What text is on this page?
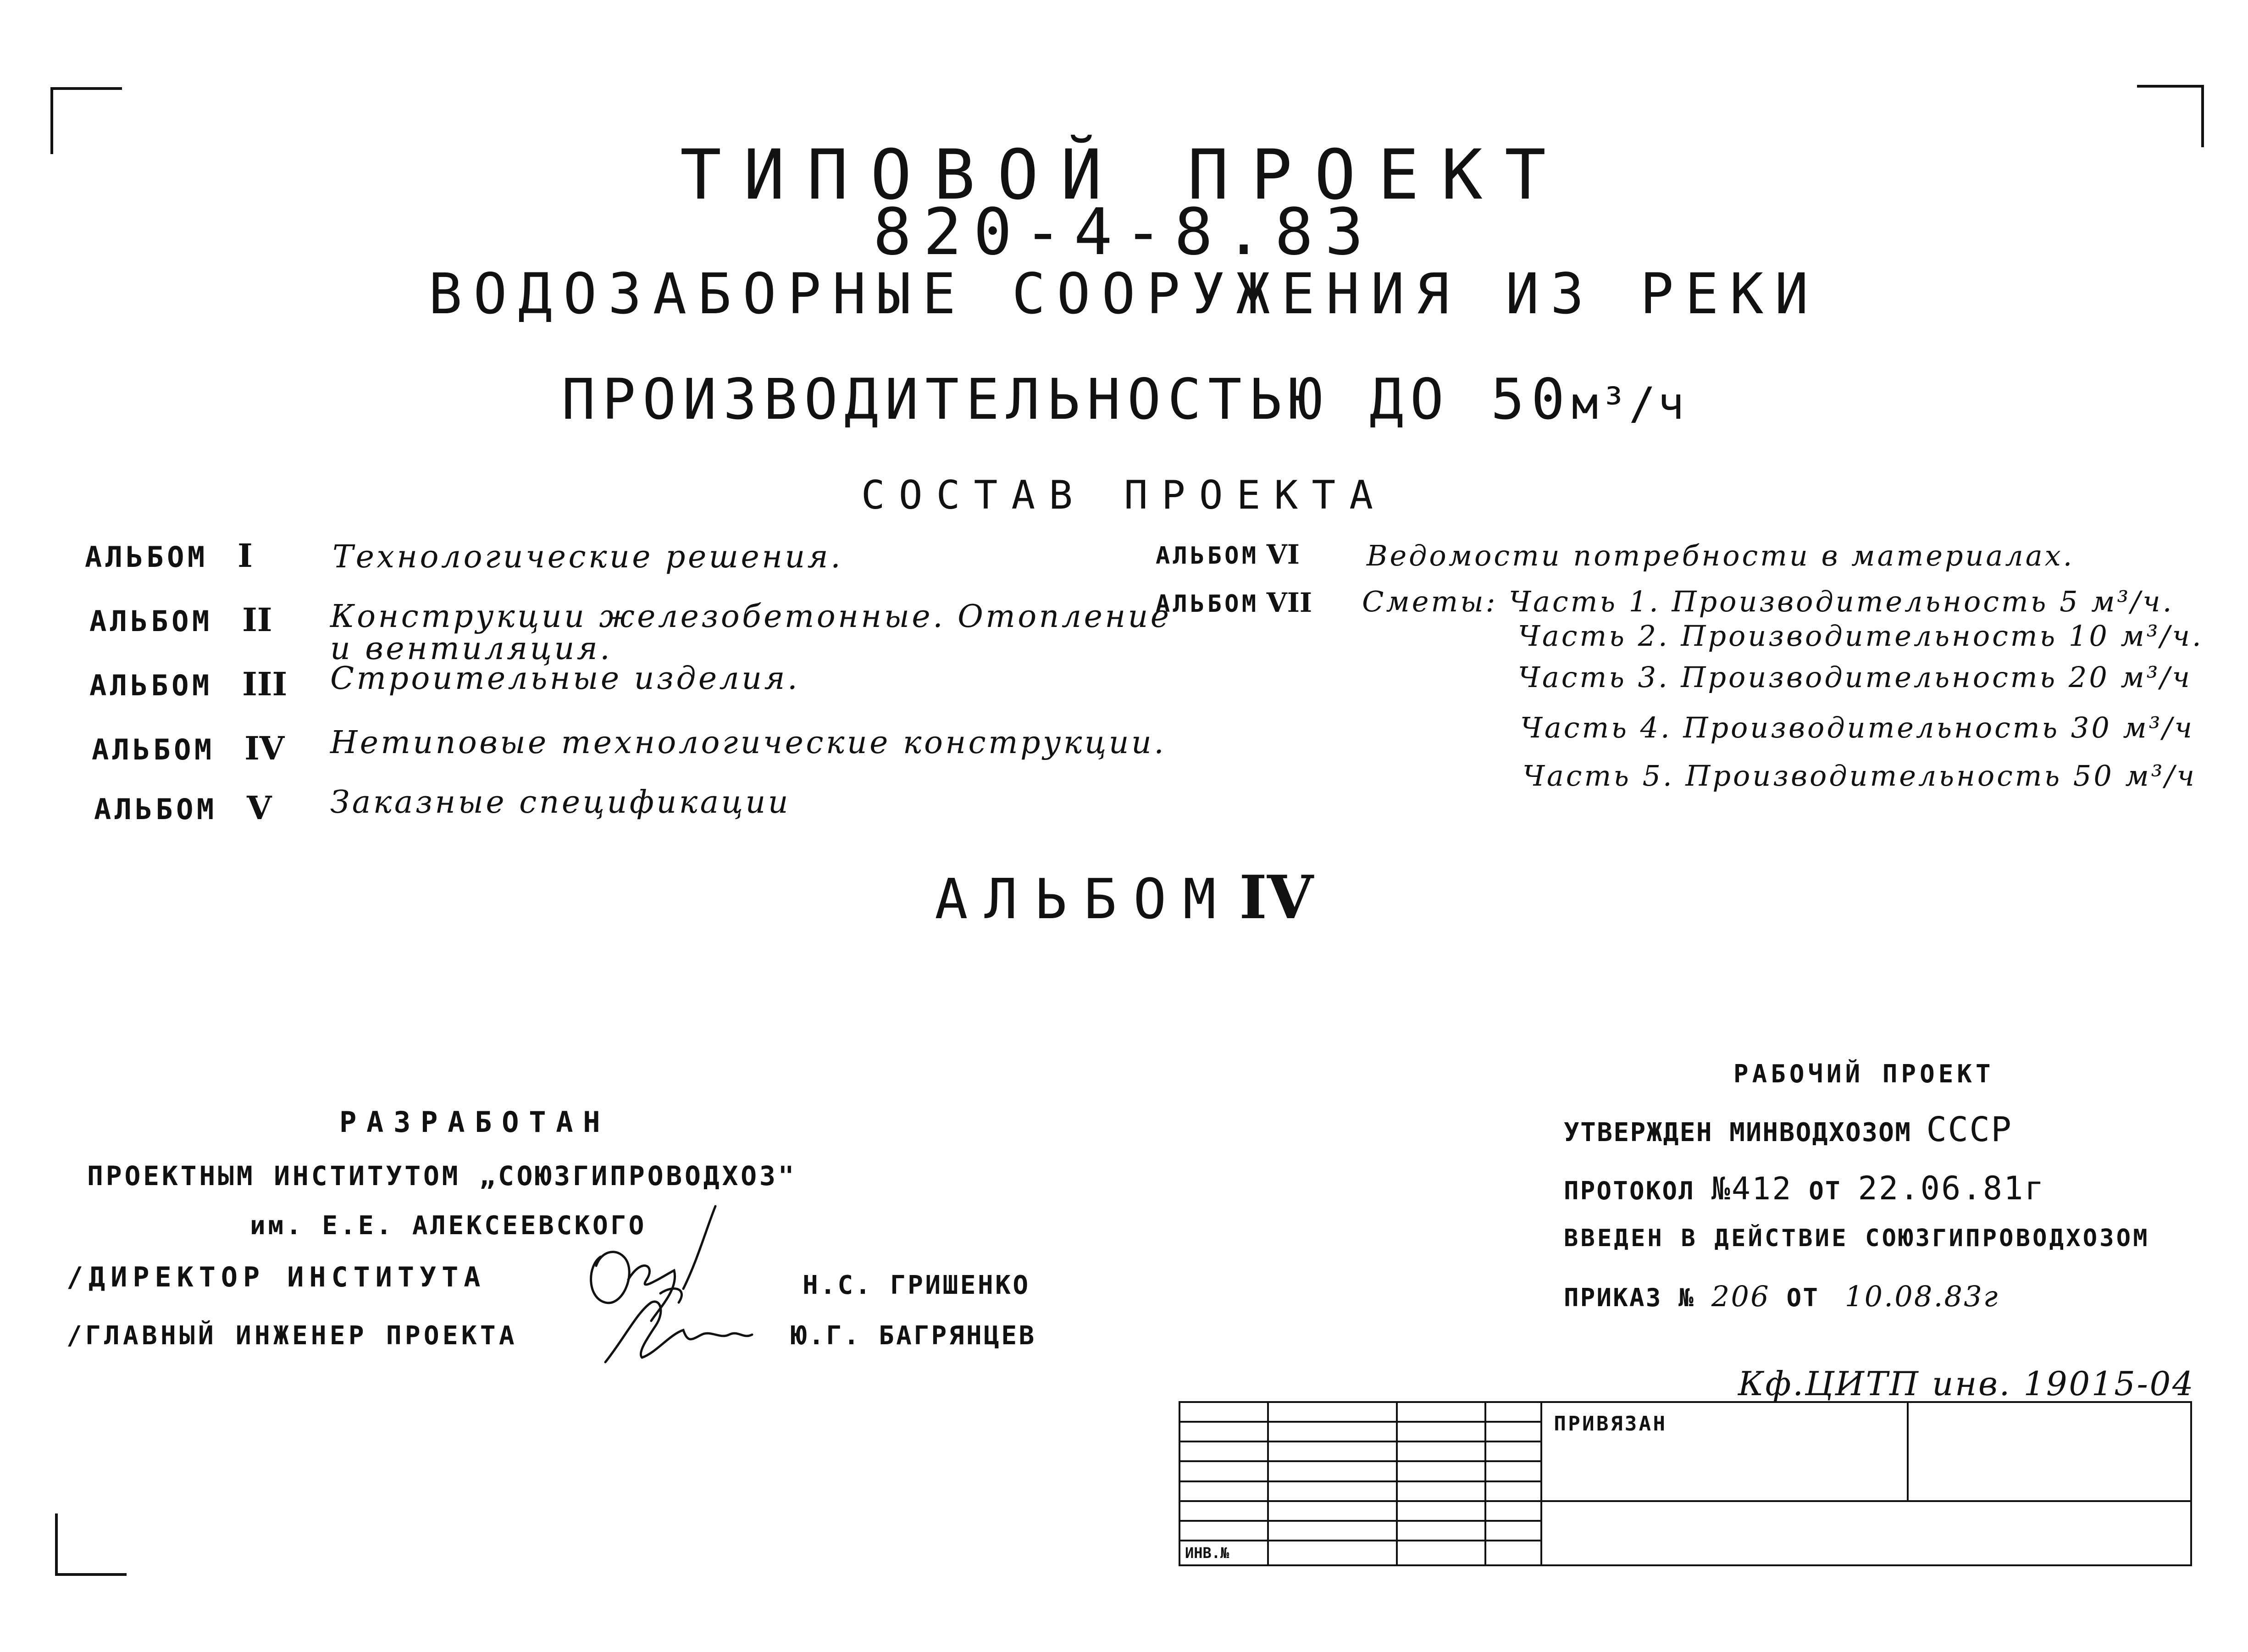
ТИПОВОЙ ПРОЕКТ
820-4-8.83
ВОДОЗАБОРНЫЕ СООРУЖЕНИЯ ИЗ РЕКИ
ПРОИЗВОДИТЕЛЬНОСТЬЮ ДО 50м³/ч
СОСТАВ ПРОЕКТА
АЛЬБОМ I	Технологические решения.
АЛЬБОМ II Конструкции железобетонные. Отопление
и вентиляция.
АЛЬБОМ III Строительные изделия.
АЛЬБОМ IV Нетиповые технологические конструкции.
АЛЬБОМ V Заказные спецификации
АЛЬБОМ VI Ведомости потребности в материалах.
АЛЬБОМ VII Сметы: Часть 1. Производительность 5 м³/ч.
Часть 2. Производительность 10 м³/ч.
Часть 3. Производительность 20 м³/ч
Часть 4. Производительность 30 м³/ч
Часть 5. Производительность 50 м³/ч
АЛЬБОМ IV
РАЗРАБОТАН
ПРОЕКТНЫМ ИНСТИТУТОМ „СОЮЗГИПРОВОДХОЗ"
им. Е.Е. АЛЕКСЕЕВСКОГО
/ДИРЕКТОР ИНСТИТУТА	Н.С. ГРИШЕНКО
/ГЛАВНЫЙ ИНЖЕНЕР ПРОЕКТА	Ю.Г. БАГРЯНЦЕВ
РАБОЧИЙ ПРОЕКТ
УТВЕРЖДЕН МИНВОДХОЗОМ СССР
ПРОТОКОЛ №412 ОТ 22.06.81г
ВВЕДЕН В ДЕЙСТВИЕ СОЮЗГИПРОВОДХОЗОМ
ПРИКАЗ № 206 ОТ 10.08.83г
Кф.ЦИТП инв. 19015-04

				ПРИВЯЗАН	

ИНВ.№					
